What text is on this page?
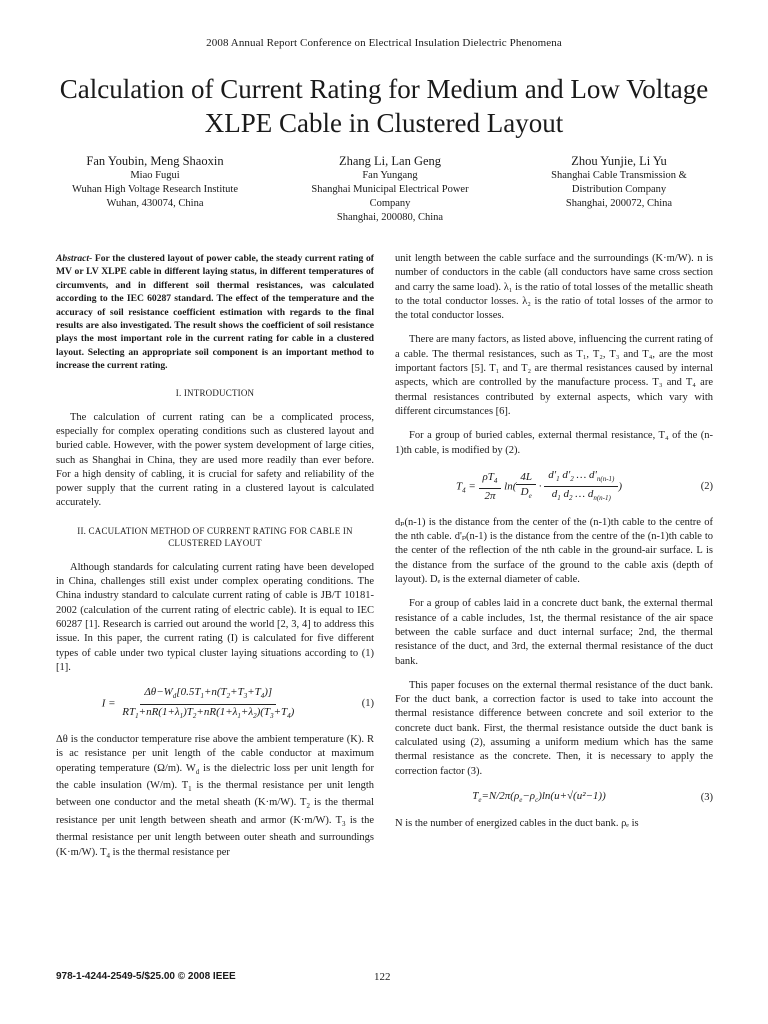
2008 Annual Report Conference on Electrical Insulation Dielectric Phenomena
Calculation of Current Rating for Medium and Low Voltage XLPE Cable in Clustered Layout
Fan Youbin, Meng Shaoxin
Miao Fugui
Wuhan High Voltage Research Institute
Wuhan, 430074, China
Zhang Li, Lan Geng
Fan Yungang
Shanghai Municipal Electrical Power
Company
Shanghai, 200080, China
Zhou Yunjie, Li Yu
Shanghai Cable Transmission &
Distribution Company
Shanghai, 200072, China

Abstract- For the clustered layout of power cable, the steady current rating of MV or LV XLPE cable in different laying status, in different temperatures of circumvents, and in different soil thermal resistances, was calculated according to the IEC 60287 standard. The effect of the temperature and the accuracy of soil resistance coefficient estimation with regards to the final results are also investigated. The result shows the coefficient of soil resistance plays the most important role in the current rating for cable in a clustered layout. Selecting an appropriate soil component is an important method to increase the current rating.

I. INTRODUCTION

The calculation of current rating can be a complicated process, especially for complex operating conditions such as clustered layout and buried cable. However, with the power system development of large cities, such as Shanghai in China, they are used more readily than ever before. For a high density of cabling, it is crucial for safety and reliability of the power supply that the current rating in a clustered layout is calculated accurately.

II. CACULATION METHOD OF CURRENT RATING FOR CABLE IN CLUSTERED LAYOUT

Although standards for calculating current rating have been developed in China, challenges still exist under complex operating conditions. The China industry standard to calculate current rating of cable is JB/T 10181-2002 (calculation of the current rating of electric cable). It is equal to IEC 60287 [1]. Research is carried out around the world [2, 3, 4] to address this issue. In this paper, the current rating (I) is calculated for five different types of cable under two typical cluster laying situations according to (1) [1].

$I = \frac{\Delta\theta-W_d[0.5T_1+n(T_2+T_3+T_4)]}{RT_1+nR(1+\lambda_1)T_2+nR(1+\lambda_1+\lambda_2)(T_3+T_4)}$	(1)

Δθ is the conductor temperature rise above the ambient temperature (K). R is ac resistance per unit length of the cable conductor at maximum operating temperature (Ω/m). $W_d$ is the dielectric loss per unit length for the cable insulation (W/m). $T_1$ is the thermal resistance per unit length between one conductor and the metal sheath (K·m/W). $T_2$ is the thermal resistance per unit length between sheath and armor (K·m/W). $T_3$ is the thermal resistance per unit length between outer sheath and surroundings (K·m/W). $T_4$ is the thermal resistance per

unit length between the cable surface and the surroundings (K·m/W). n is number of conductors in the cable (all conductors have same cross section and carry the same load). λ₁ is the ratio of total losses of the metallic sheath to the total conductor losses. λ₂ is the ratio of total losses of the armor to the total conductor losses.

There are many factors, as listed above, influencing the current rating of a cable. The thermal resistances, such as T₁, T₂, T₃ and T₄, are the most important factors [5]. T₁ and T₂ are thermal resistances caused by internal aspects, which are controlled by the manufacture process. T₃ and T₄ are thermal resistances contributed by external aspects, which vary with different circumstances [6].

For a group of buried cables, external thermal resistance, T₄ of the (n-1)th cable, is modified by (2).

$T_4 = \frac{\rho T_4}{2\pi} \ln( \frac{4L}{D_e} \cdot \frac{d'_1 d'_2 \dots d'_{n(n-1)}}{d_1 d_2 \dots d_{n(n-1)}}$ )	(2)

dₚ(n-1) is the distance from the center of the (n-1)th cable to the centre of the nth cable. d'ₚ(n-1) is the distance from the centre of the (n-1)th cable to the center of the reflection of the nth cable in the ground-air surface. L is the distance from the surface of the ground to the cable axis (depth of layout). Dₑ is the external diameter of cable.

For a group of cables laid in a concrete duct bank, the external thermal resistance of a cable includes, 1st, the thermal resistance of the air space between the cable surface and duct internal surface; 2nd, the thermal resistance of the duct, and 3rd, the external thermal resistance of the duct bank.

This paper focuses on the external thermal resistance of the duct bank. For the duct bank, a correction factor is used to take into account the thermal resistance difference between concrete and soil exterior to the concrete duct bank. First, the thermal resistance outside the duct bank is calculated using (2), assuming a uniform medium which has the same thermal resistance as the concrete. Then, it is necessary to apply the correction factor (3).

$T_e=N/2\pi(\rho_e-\rho_c)\ln(u+√(u^2-1))$	(3)

N is the number of energized cables in the duct bank. ρₑ is

978-1-4244-2549-5/$25.00 © 2008 IEEE	122
